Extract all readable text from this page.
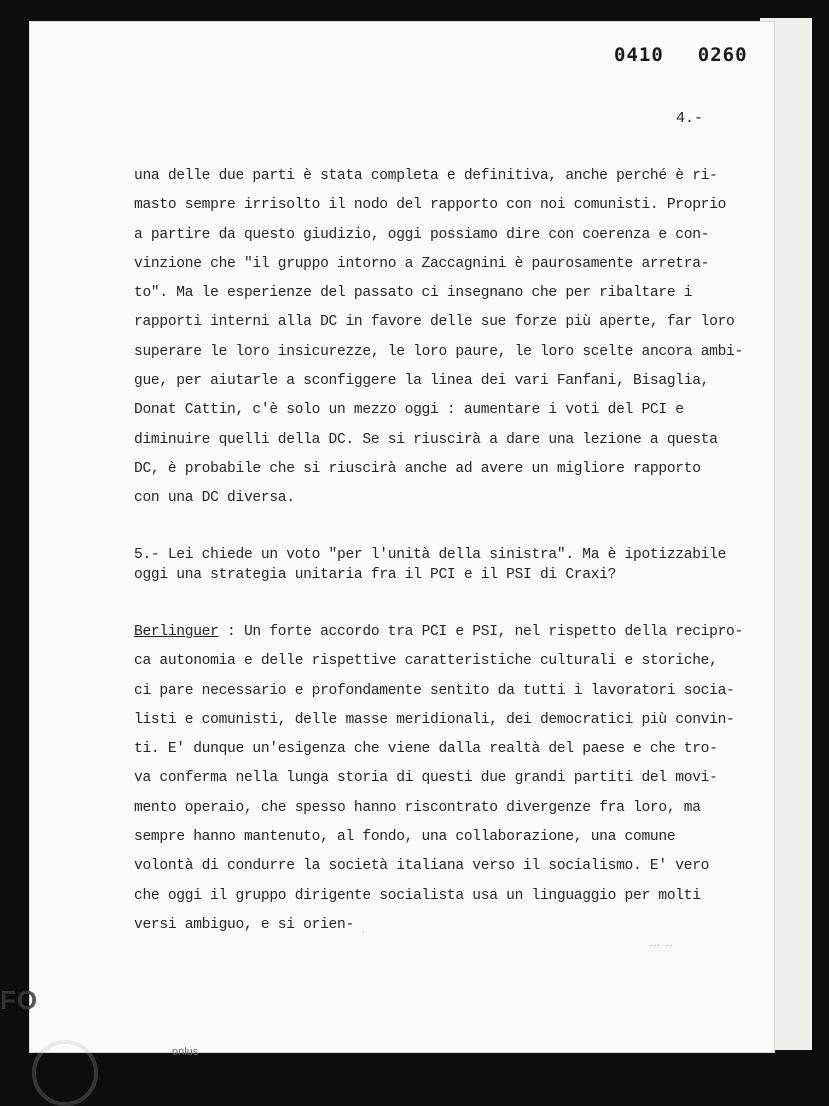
0410 0260
4.-
una delle due parti è stata completa e definitiva, anche perché è ri-
masto sempre irrisolto il nodo del rapporto con noi comunisti. Proprio
a partire da questo giudizio, oggi possiamo dire con coerenza e con-
vinzione che "il gruppo intorno a Zaccagnini è paurosamente arretra-
to". Ma le esperienze del passato ci insegnano che per ribaltare i
rapporti interni alla DC in favore delle sue forze più aperte, far loro
superare le loro insicurezze, le loro paure, le loro scelte ancora ambi-
gue, per aiutarle a sconfiggere la linea dei vari Fanfani, Bisaglia,
Donat Cattin, c'è solo un mezzo oggi : aumentare i voti del PCI e
diminuire quelli della DC. Se si riuscirà a dare una lezione a questa
DC, è probabile che si riuscirà anche ad avere un migliore rapporto
con una DC diversa.
5.- Lei chiede un voto "per l'unità della sinistra". Ma è ipotizzabile
oggi una strategia unitaria fra il PCI e il PSI di Craxi?
Berlinguer : Un forte accordo tra PCI e PSI, nel rispetto della recipro-
ca autonomia e delle rispettive caratteristiche culturali e storiche,
ci pare necessario e profondamente sentito da tutti i lavoratori socia-
listi e comunisti, delle masse meridionali, dei democratici più convin-
ti. E' dunque un'esigenza che viene dalla realtà del paese e che tro-
va conferma nella lunga storia di questi due grandi partiti del movi-
mento operaio, che spesso hanno riscontrato divergenze fra loro, ma
sempre hanno mantenuto, al fondo, una collaborazione, una comune
volontà di condurre la società italiana verso il socialismo. E' vero
che oggi il gruppo dirigente socialista usa un linguaggio per molti
versi ambiguo, e si orien-
FO
onlus
˙
․․․ ․․
